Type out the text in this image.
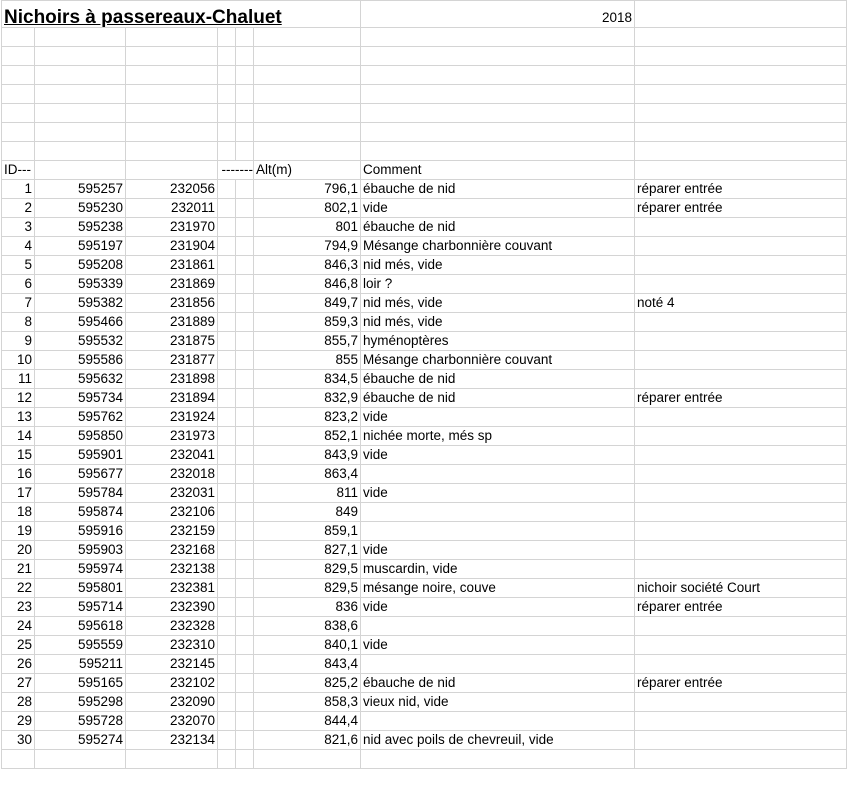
Nichoirs à passereaux-Chaluet						2018	

ID---			-------		Alt(m)	Comment	
1	595257	232056			796,1	ébauche de nid	réparer entrée
2	595230	232011			802,1	vide	réparer entrée
3	595238	231970			801	ébauche de nid	
4	595197	231904			794,9	Mésange charbonnière couvant	
5	595208	231861			846,3	nid més, vide	
6	595339	231869			846,8	loir ?	
7	595382	231856			849,7	nid més, vide	noté 4
8	595466	231889			859,3	nid més, vide	
9	595532	231875			855,7	hyménoptères	
10	595586	231877			855	Mésange charbonnière couvant	
11	595632	231898			834,5	ébauche de nid	
12	595734	231894			832,9	ébauche de nid	réparer entrée
13	595762	231924			823,2	vide	
14	595850	231973			852,1	nichée morte, més sp	
15	595901	232041			843,9	vide	
16	595677	232018			863,4		
17	595784	232031			811	vide	
18	595874	232106			849		
19	595916	232159			859,1		
20	595903	232168			827,1	vide	
21	595974	232138			829,5	muscardin, vide	
22	595801	232381			829,5	mésange noire, couve	nichoir société Court
23	595714	232390			836	vide	réparer entrée
24	595618	232328			838,6		
25	595559	232310			840,1	vide	
26	595211	232145			843,4		
27	595165	232102			825,2	ébauche de nid	réparer entrée
28	595298	232090			858,3	vieux nid, vide	
29	595728	232070			844,4		
30	595274	232134			821,6	nid avec poils de chevreuil, vide	
